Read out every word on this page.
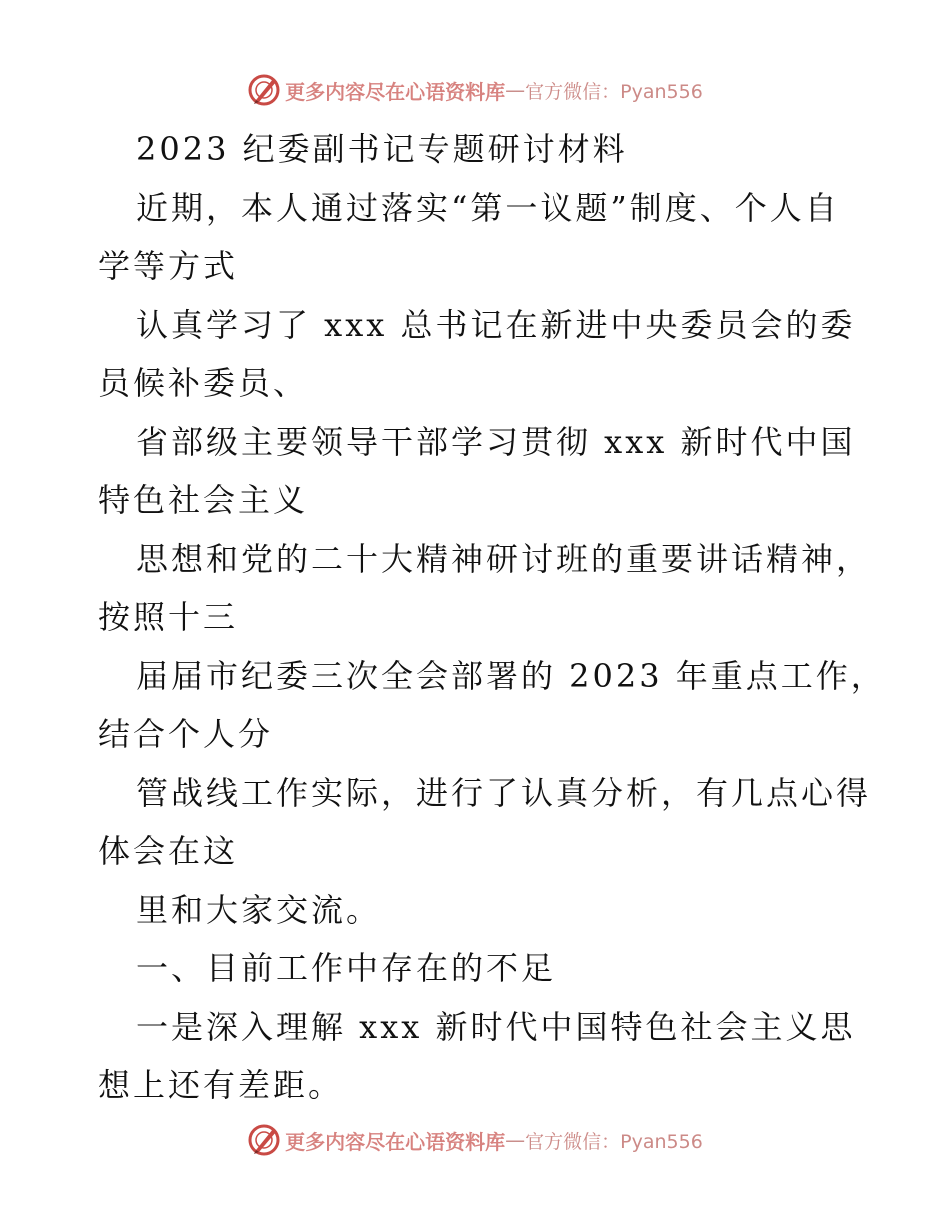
更多内容尽在心语资料库 — 官方微信：Pyan556
2023 纪委副书记专题研讨材料
近期，本人通过落实“第一议题”制度、个人自
学等方式
认真学习了 xxx 总书记在新进中央委员会的委
员候补委员、
省部级主要领导干部学习贯彻 xxx 新时代中国
特色社会主义
思想和党的二十大精神研讨班的重要讲话精神，
按照十三
届届市纪委三次全会部署的 2023 年重点工作，
结合个人分
管战线工作实际，进行了认真分析，有几点心得
体会在这
里和大家交流。
一、目前工作中存在的不足
一是深入理解 xxx 新时代中国特色社会主义思
想上还有差距。
更多内容尽在心语资料库 — 官方微信：Pyan556
